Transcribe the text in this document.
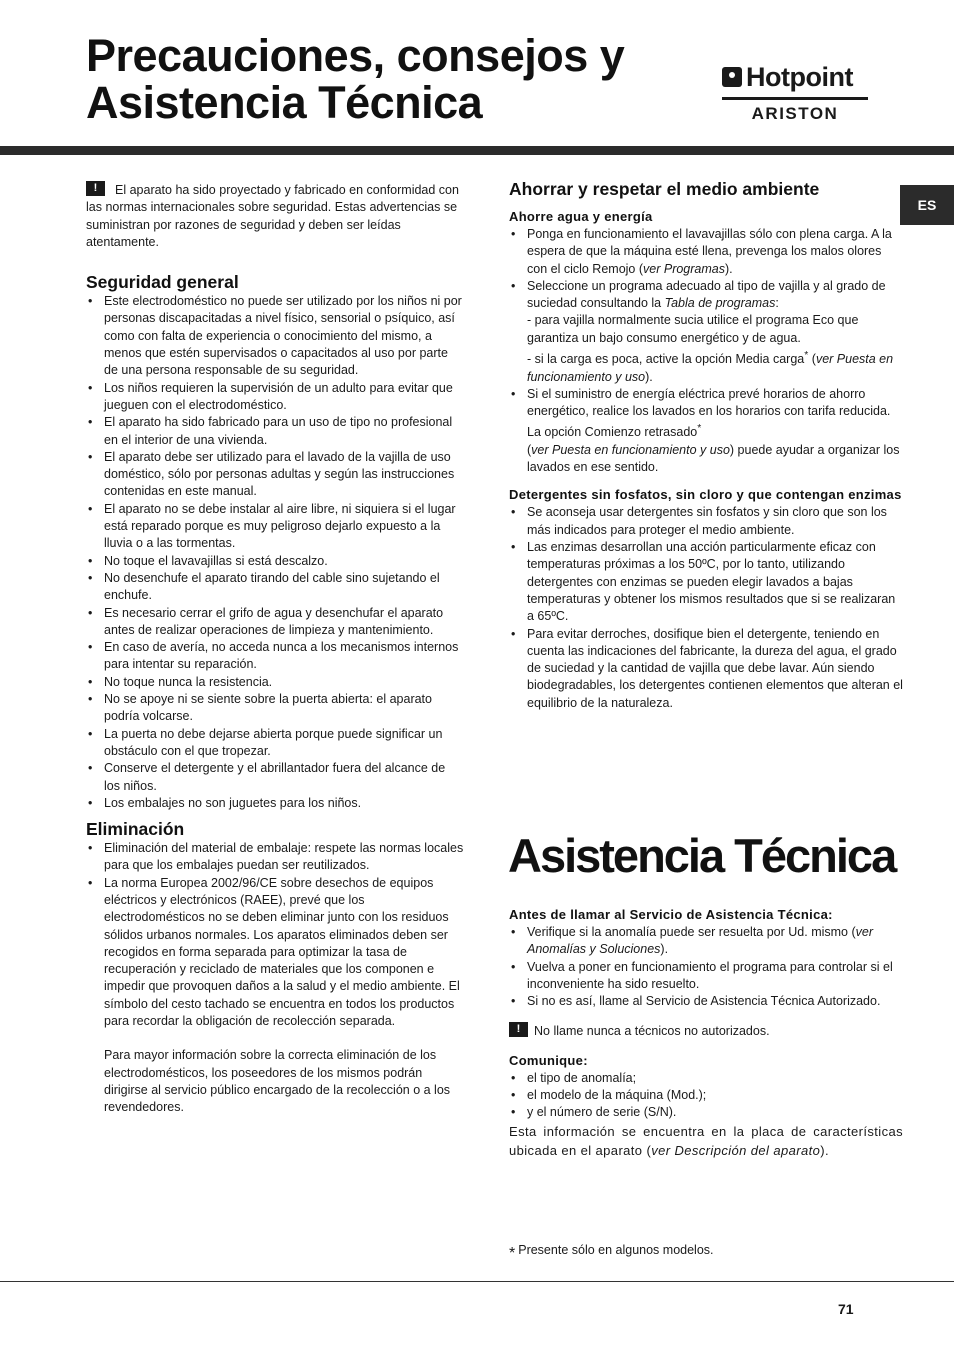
Precauciones, consejos y
Asistencia Técnica
Hotpoint
ARISTON
ES

!El aparato ha sido proyectado y fabricado en conformidad con las normas internacionales sobre seguridad. Estas advertencias se suministran por razones de seguridad y deben ser leídas atentamente.

Seguridad general
• Este electrodoméstico no puede ser utilizado por los niños ni por personas discapacitadas a nivel físico, sensorial o psíquico, así como con falta de experiencia o conocimiento del mismo, a menos que estén supervisados o capacitados al uso por parte de una persona responsable de su seguridad.
• Los niños requieren la supervisión de un adulto para evitar que jueguen con el electrodoméstico.
• El aparato ha sido fabricado para un uso de tipo no profesional en el interior de una vivienda.
• El aparato debe ser utilizado para el lavado de la vajilla de uso doméstico, sólo por personas adultas y según las instrucciones contenidas en este manual.
• El aparato no se debe instalar al aire libre, ni siquiera si el lugar está reparado porque es muy peligroso dejarlo expuesto a la lluvia o a las tormentas.
• No toque el lavavajillas si está descalzo.
• No desenchufe el aparato tirando del cable sino sujetando el enchufe.
• Es necesario cerrar el grifo de agua y desenchufar el aparato antes de realizar operaciones de limpieza y mantenimiento.
• En caso de avería, no acceda nunca a los mecanismos internos para intentar su reparación.
• No toque nunca la resistencia.
• No se apoye ni se siente sobre la puerta abierta: el aparato podría volcarse.
• La puerta no debe dejarse abierta porque puede significar un obstáculo con el que tropezar.
• Conserve el detergente y el abrillantador fuera del alcance de los niños.
• Los embalajes no son juguetes para los niños.
Eliminación
• Eliminación del material de embalaje: respete las normas locales para que los embalajes puedan ser reutilizados.
• La norma Europea 2002/96/CE sobre desechos de equipos eléctricos y electrónicos (RAEE), prevé que los electrodomésticos no se deben eliminar junto con los residuos sólidos urbanos normales. Los aparatos eliminados deben ser recogidos en forma separada para optimizar la tasa de recuperación y reciclado de materiales que los componen e impedir que provoquen daños a la salud y el medio ambiente. El símbolo del cesto tachado se encuentra en todos los productos para recordar la obligación de recolección separada.

Para mayor información sobre la correcta eliminación de los electrodomésticos, los poseedores de los mismos podrán dirigirse al servicio público encargado de la recolección o a los revendedores.

Ahorrar y respetar el medio ambiente
Ahorre agua y energía
• Ponga en funcionamiento el lavavajillas sólo con plena carga. A la espera de que la máquina esté llena, prevenga los malos olores con el ciclo Remojo (ver Programas).
• Seleccione un programa adecuado al tipo de vajilla y al grado de suciedad consultando la Tabla de programas:
- para vajilla normalmente sucia utilice el programa Eco que garantiza un bajo consumo energético y de agua.
- si la carga es poca, active la opción Media carga* (ver Puesta en funcionamiento y uso).
• Si el suministro de energía eléctrica prevé horarios de ahorro energético, realice los lavados en los horarios con tarifa reducida. La opción Comienzo retrasado*
(ver Puesta en funcionamiento y uso) puede ayudar a organizar los lavados en ese sentido.
Detergentes sin fosfatos, sin cloro y que contengan enzimas
• Se aconseja usar detergentes sin fosfatos y sin cloro que son los más indicados para proteger el medio ambiente.
• Las enzimas desarrollan una acción particularmente eficaz con temperaturas próximas a los 50ºC, por lo tanto, utilizando detergentes con enzimas se pueden elegir lavados a bajas temperaturas y obtener los mismos resultados que si se realizaran a 65ºC.
• Para evitar derroches, dosifique bien el detergente, teniendo en cuenta las indicaciones del fabricante, la dureza del agua, el grado de suciedad y la cantidad de vajilla que debe lavar. Aún siendo biodegradables, los detergentes contienen elementos que alteran el equilibrio de la naturaleza.
Asistencia Técnica
Antes de llamar al Servicio de Asistencia Técnica:
• Verifique si la anomalía puede ser resuelta por Ud. mismo (ver Anomalías y Soluciones).
• Vuelva a poner en funcionamiento el programa para controlar si el inconveniente ha sido resuelto.
• Si no es así, llame al Servicio de Asistencia Técnica Autorizado.

!No llame nunca a técnicos no autorizados.

Comunique:
• el tipo de anomalía;
• el modelo de la máquina (Mod.);
• y el número de serie (S/N).

Esta información se encuentra en la placa de características ubicada en el aparato (ver Descripción del aparato).

* Presente sólo en algunos modelos.
71
